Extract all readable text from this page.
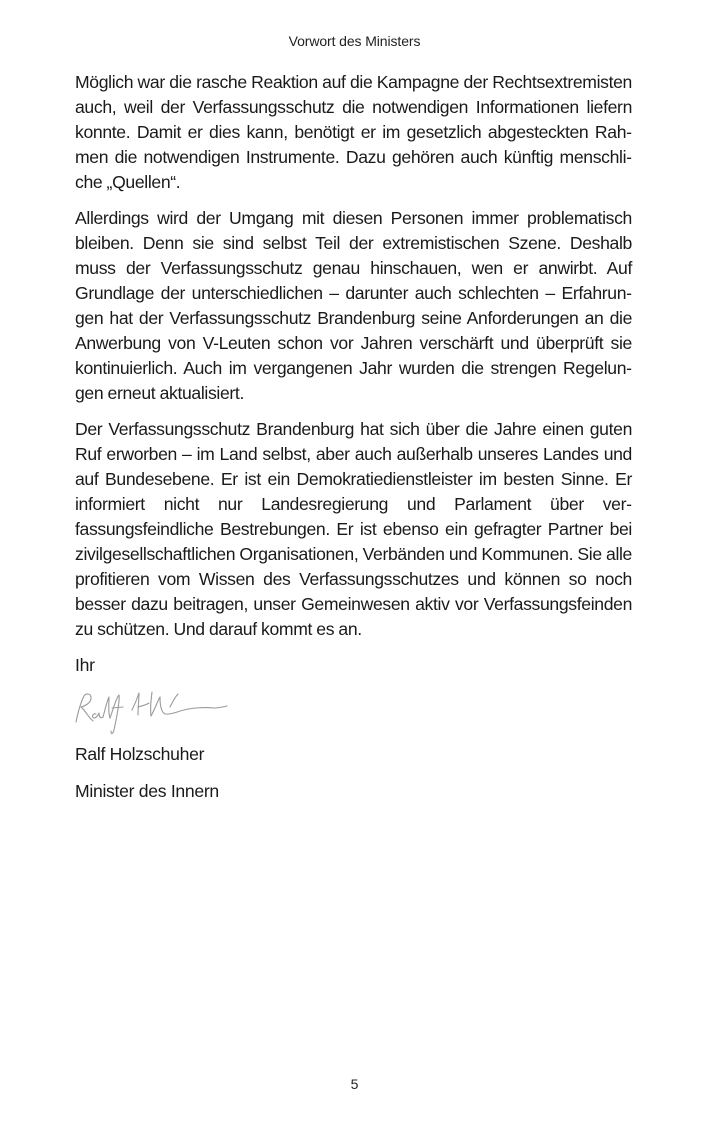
Vorwort des Ministers

Möglich war die rasche Reaktion auf die Kampagne der Rechtsextremisten auch, weil der Verfassungsschutz die notwendigen Informationen liefern konnte. Damit er dies kann, benötigt er im gesetzlich abgesteckten Rahmen die notwendigen Instrumente. Dazu gehören auch künftig menschliche „Quellen“.

Allerdings wird der Umgang mit diesen Personen immer problematisch bleiben. Denn sie sind selbst Teil der extremistischen Szene. Deshalb muss der Verfassungsschutz genau hinschauen, wen er anwirbt. Auf Grundlage der unterschiedlichen – darunter auch schlechten – Erfahrungen hat der Verfassungsschutz Brandenburg seine Anforderungen an die Anwerbung von V-Leuten schon vor Jahren verschärft und überprüft sie kontinuierlich. Auch im vergangenen Jahr wurden die strengen Regelungen erneut aktualisiert.

Der Verfassungsschutz Brandenburg hat sich über die Jahre einen guten Ruf erworben – im Land selbst, aber auch außerhalb unseres Landes und auf Bundesebene. Er ist ein Demokratiedienstleister im besten Sinne. Er informiert nicht nur Landesregierung und Parlament über verfassungsfeindliche Bestrebungen. Er ist ebenso ein gefragter Partner bei zivilgesellschaftlichen Organisationen, Verbänden und Kommunen. Sie alle profitieren vom Wissen des Verfassungsschutzes und können so noch besser dazu beitragen, unser Gemeinwesen aktiv vor Verfassungsfeinden zu schützen. Und darauf kommt es an.

Ihr

Ralf Holzschuher

Minister des Innern

5
